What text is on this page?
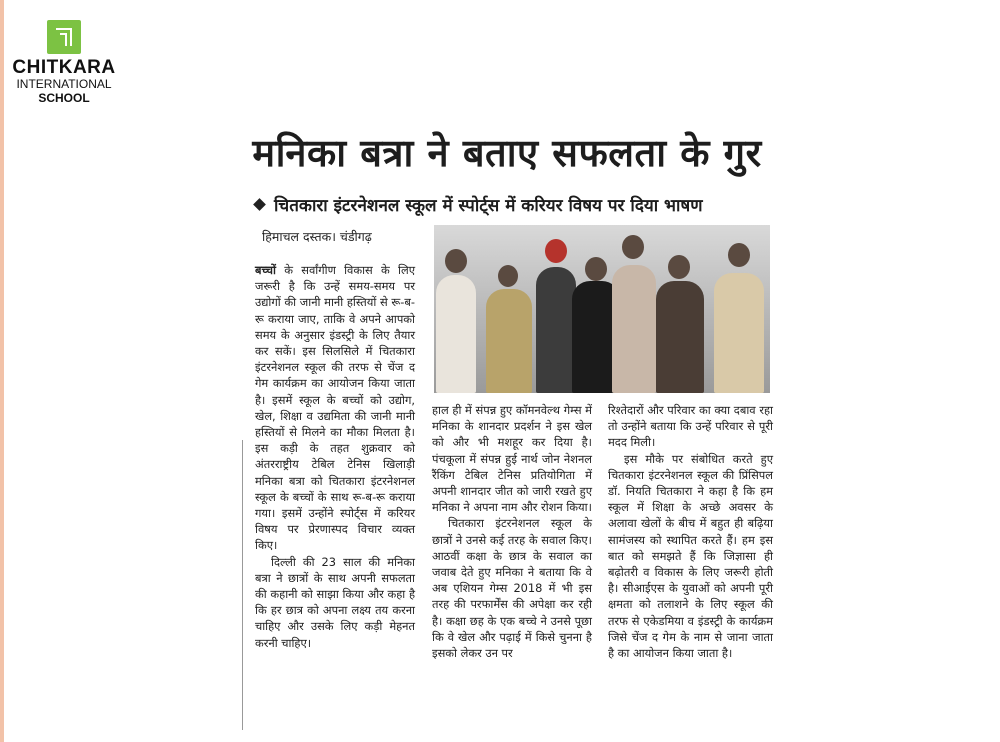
CHITKARA
INTERNATIONAL
SCHOOL
मनिका बत्रा ने बताए सफलता के गुर
चितकारा इंटरनेशनल स्कूल में स्पोर्ट्स में करियर विषय पर दिया भाषण
हिमाचल दस्तक। चंडीगढ़

बच्चों के सर्वांगीण विकास के लिए जरूरी है कि उन्हें समय-समय पर उद्योगों की जानी मानी हस्तियों से रू-ब-रू कराया जाए, ताकि वे अपने आपको समय के अनुसार इंडस्ट्री के लिए तैयार कर सकें। इस सिलसिले में चितकारा इंटरनेशनल स्कूल की तरफ से चेंज द गेम कार्यक्रम का आयोजन किया जाता है। इसमें स्कूल के बच्चों को उद्योग, खेल, शिक्षा व उद्यमिता की जानी मानी हस्तियों से मिलने का मौका मिलता है। इस कड़ी के तहत शुक्रवार को अंतरराष्ट्रीय टेबिल टेनिस खिलाड़ी मनिका बत्रा को चितकारा इंटरनेशनल स्कूल के बच्चों के साथ रू-ब-रू कराया गया। इसमें उन्होंने स्पोर्ट्स में करियर विषय पर प्रेरणास्पद विचार व्यक्त किए।

दिल्ली की 23 साल की मनिका बत्रा ने छात्रों के साथ अपनी सफलता की कहानी को साझा किया और कहा है कि हर छात्र को अपना लक्ष्य तय करना चाहिए और उसके लिए कड़ी मेहनत करनी चाहिए।

हाल ही में संपन्न हुए कॉमनवेल्थ गेम्स में मनिका के शानदार प्रदर्शन ने इस खेल को और भी मशहूर कर दिया है। पंचकूला में संपन्न हुई नार्थ जोन नेशनल रैंकिंग टेबिल टेनिस प्रतियोगिता में अपनी शानदार जीत को जारी रखते हुए मनिका ने अपना नाम और रोशन किया।

चितकारा इंटरनेशनल स्कूल के छात्रों ने उनसे कई तरह के सवाल किए। आठवीं कक्षा के छात्र के सवाल का जवाब देते हुए मनिका ने बताया कि वे अब एशियन गेम्स 2018 में भी इस तरह की परफार्मेंस की अपेक्षा कर रही है। कक्षा छह के एक बच्चे ने उनसे पूछा कि वे खेल और पढ़ाई में किसे चुनना है इसको लेकर उन पर

रिश्तेदारों और परिवार का क्या दबाव रहा तो उन्होंने बताया कि उन्हें परिवार से पूरी मदद मिली।

इस मौके पर संबोधित करते हुए चितकारा इंटरनेशनल स्कूल की प्रिंसिपल डॉ. नियति चितकारा ने कहा है कि हम स्कूल में शिक्षा के अच्छे अवसर के अलावा खेलों के बीच में बहुत ही बढ़िया सामंजस्य को स्थापित करते हैं। हम इस बात को समझते हैं कि जिज्ञासा ही बढ़ोतरी व विकास के लिए जरूरी होती है। सीआईएस के युवाओं को अपनी पूरी क्षमता को तलाशने के लिए स्कूल की तरफ से एकेडमिया व इंडस्ट्री के कार्यक्रम जिसे चेंज द गेम के नाम से जाना जाता है का आयोजन किया जाता है।
